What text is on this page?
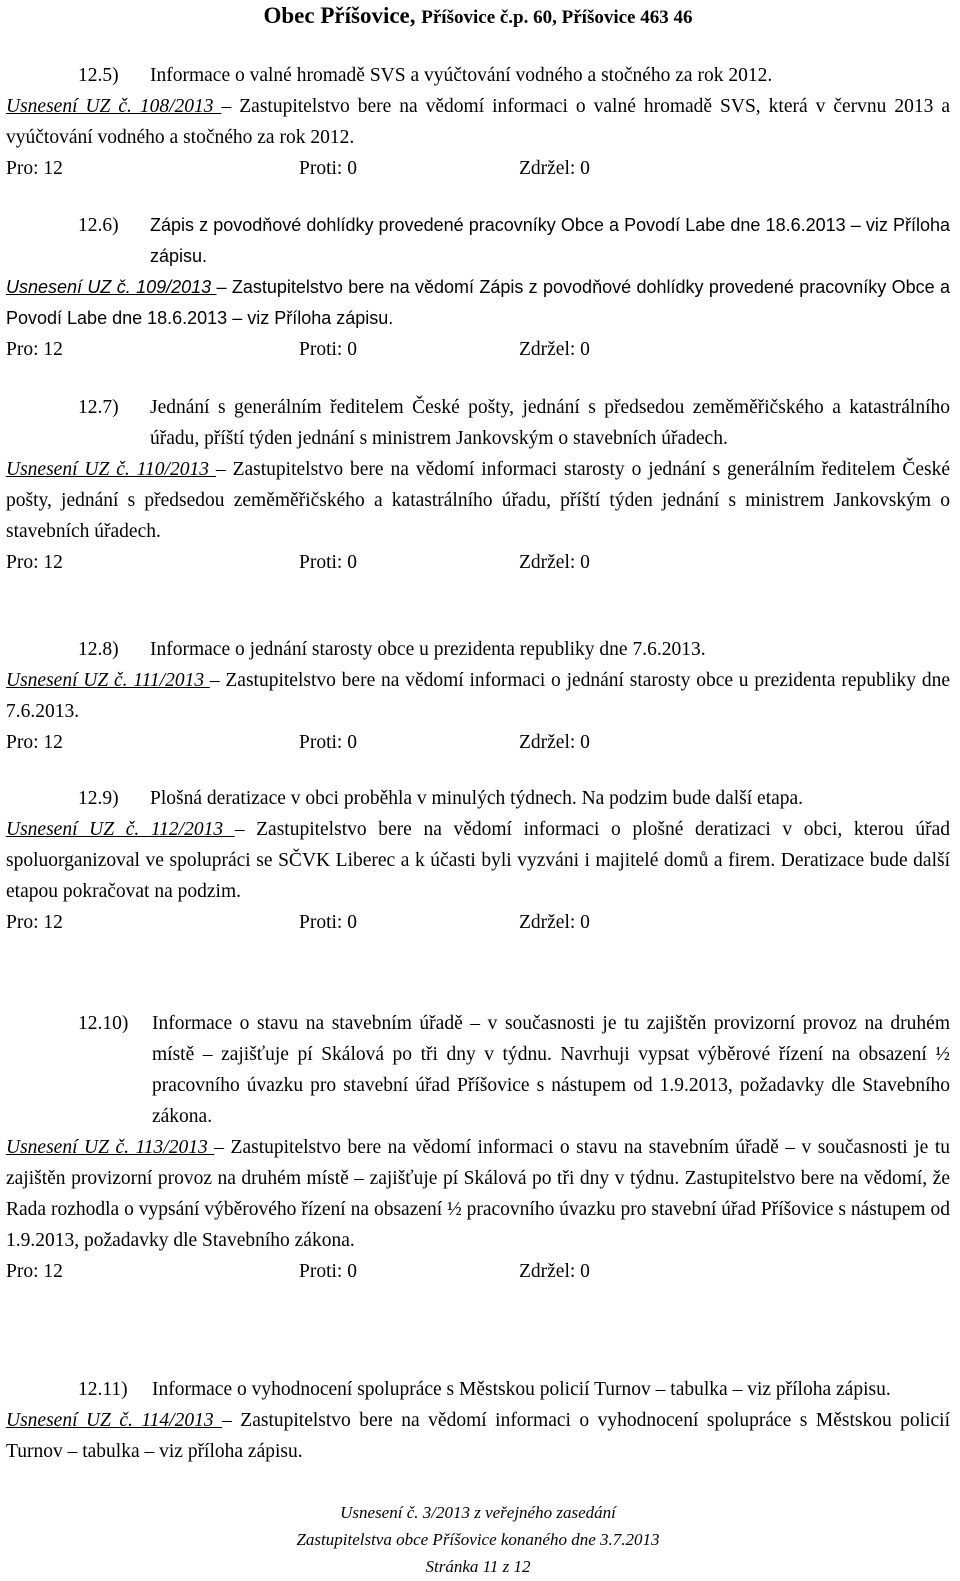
Obec Příšovice, Příšovice č.p. 60, Příšovice 463 46
12.5) Informace o valné hromadě SVS a vyúčtování vodného a stočného za rok 2012.
Usnesení UZ č. 108/2013 – Zastupitelstvo bere na vědomí informaci o valné hromadě SVS, která v červnu 2013 a vyúčtování vodného a stočného za rok 2012.
Pro: 12	Proti: 0	Zdržel: 0
12.6) Zápis z povodňové dohlídky provedené pracovníky Obce a Povodí Labe dne 18.6.2013 – viz Příloha zápisu.
Usnesení UZ č. 109/2013 – Zastupitelstvo bere na vědomí Zápis z povodňové dohlídky provedené pracovníky Obce a Povodí Labe dne 18.6.2013 – viz Příloha zápisu.
Pro: 12	Proti: 0	Zdržel: 0
12.7) Jednání s generálním ředitelem České pošty, jednání s předsedou zeměměřičského a katastrálního úřadu, příští týden jednání s ministrem Jankovským o stavebních úřadech.
Usnesení UZ č. 110/2013 – Zastupitelstvo bere na vědomí informaci starosty o jednání s generálním ředitelem České pošty, jednání s předsedou zeměměřičského a katastrálního úřadu, příští týden jednání s ministrem Jankovským o stavebních úřadech.
Pro: 12	Proti: 0	Zdržel: 0
12.8) Informace o jednání starosty obce u prezidenta republiky dne 7.6.2013.
Usnesení UZ č. 111/2013 – Zastupitelstvo bere na vědomí informaci o jednání starosty obce u prezidenta republiky dne 7.6.2013.
Pro: 12	Proti: 0	Zdržel: 0
12.9) Plošná deratizace v obci proběhla v minulých týdnech. Na podzim bude další etapa.
Usnesení UZ č. 112/2013 – Zastupitelstvo bere na vědomí informaci o plošné deratizaci v obci, kterou úřad spoluorganizoval ve spolupráci se SČVK Liberec a k účasti byli vyzváni i majitelé domů a firem. Deratizace bude další etapou pokračovat na podzim.
Pro: 12	Proti: 0	Zdržel: 0
12.10) Informace o stavu na stavebním úřadě – v současnosti je tu zajištěn provizorní provoz na druhém místě – zajišťuje pí Skálová po tři dny v týdnu. Navrhuji vypsat výběrové řízení na obsazení ½ pracovního úvazku pro stavební úřad Příšovice s nástupem od 1.9.2013, požadavky dle Stavebního zákona.
Usnesení UZ č. 113/2013 – Zastupitelstvo bere na vědomí informaci o stavu na stavebním úřadě – v současnosti je tu zajištěn provizorní provoz na druhém místě – zajišťuje pí Skálová po tři dny v týdnu. Zastupitelstvo bere na vědomí, že Rada rozhodla o vypsání výběrového řízení na obsazení ½ pracovního úvazku pro stavební úřad Příšovice s nástupem od 1.9.2013, požadavky dle Stavebního zákona.
Pro: 12	Proti: 0	Zdržel: 0
12.11) Informace o vyhodnocení spolupráce s Městskou policií Turnov – tabulka – viz příloha zápisu.
Usnesení UZ č. 114/2013 – Zastupitelstvo bere na vědomí informaci o vyhodnocení spolupráce s Městskou policií Turnov – tabulka – viz příloha zápisu.
Usnesení č. 3/2013 z veřejného zasedání
Zastupitelstva obce Příšovice konaného dne 3.7.2013
Stránka 11 z 12
